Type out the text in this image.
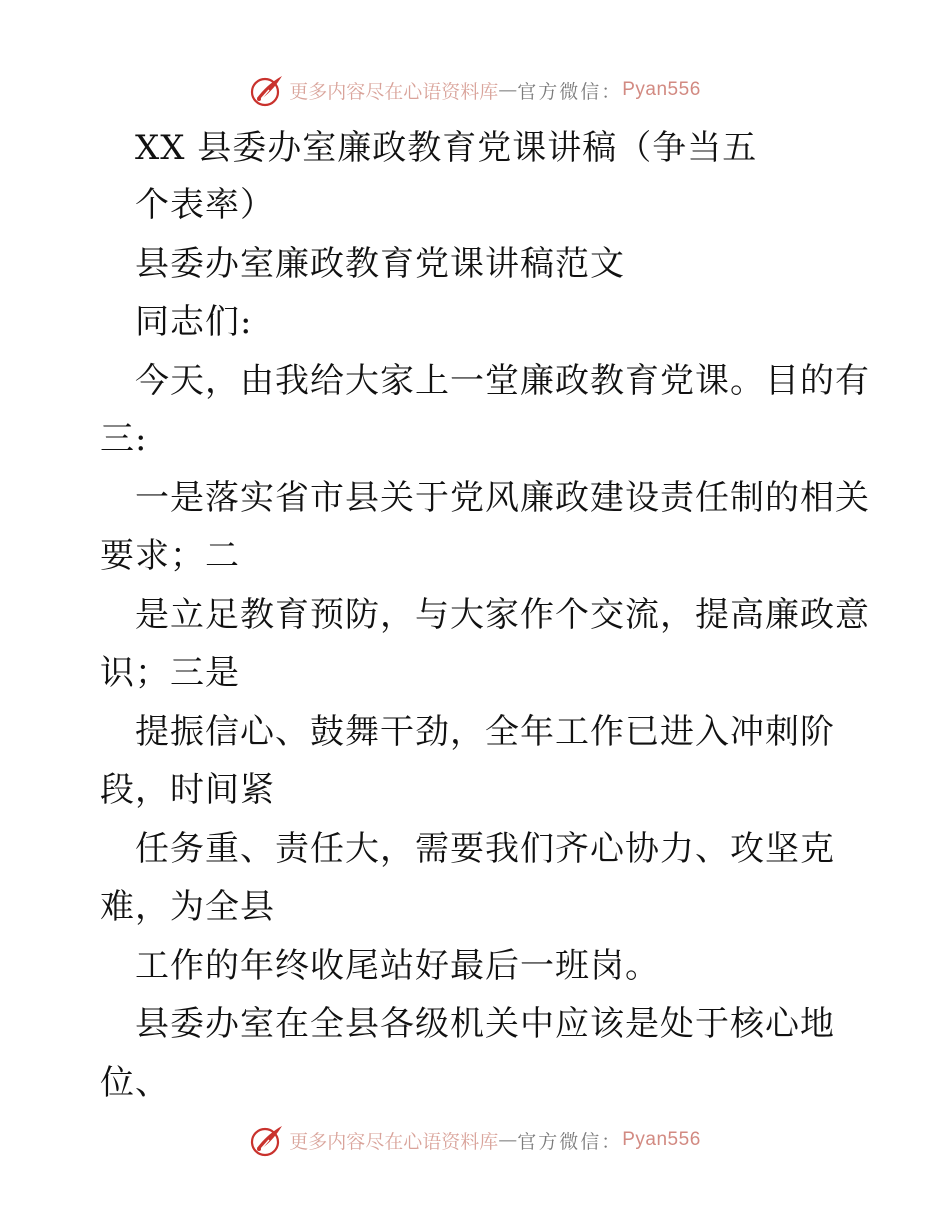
更多内容尽在心语资料库 — 官方微信： Pyan556
XX 县委办室廉政教育党课讲稿（争当五
个表率）
县委办室廉政教育党课讲稿范文
同志们:
今天，由我给大家上一堂廉政教育党课。目的有
三:
一是落实省市县关于党风廉政建设责任制的相关
要求；二
是立足教育预防，与大家作个交流，提高廉政意
识；三是
提振信心、鼓舞干劲，全年工作已进入冲刺阶
段，时间紧
任务重、责任大，需要我们齐心协力、攻坚克
难，为全县
工作的年终收尾站好最后一班岗。
县委办室在全县各级机关中应该是处于核心地
位、
更多内容尽在心语资料库 — 官方微信： Pyan556
